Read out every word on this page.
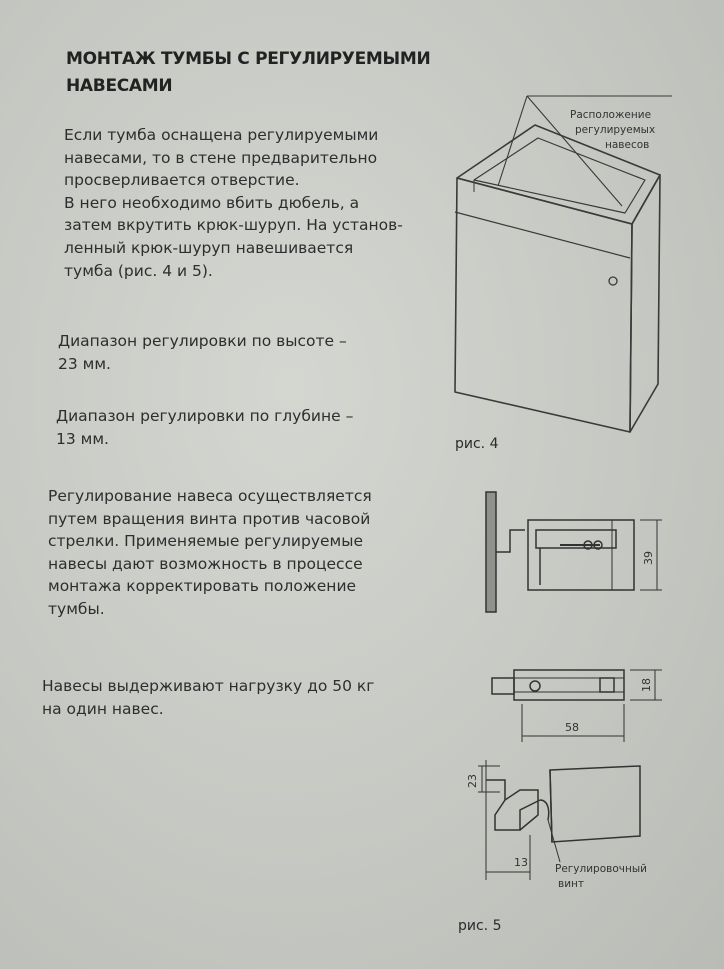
МОНТАЖ ТУМБЫ С РЕГУЛИРУЕМЫМИ
НАВЕСАМИ
Если тумба оснащена регулируемыми
навесами, то в стене предварительно
просверливается отверстие.
В него необходимо вбить дюбель, а
затем вкрутить крюк-шуруп. На установ-
ленный крюк-шуруп навешивается
тумба (рис. 4 и 5).
Диапазон регулировки по высоте –
23 мм.
Диапазон регулировки по глубине –
13 мм.
Регулирование навеса осуществляется
путем вращения винта против часовой
стрелки. Применяемые регулируемые
навесы дают возможность в процессе
монтажа корректировать положение
тумбы.
Навесы выдерживают нагрузку до 50 кг
на один навес.
Расположение
регулируемых
навесов
39
18
58
23
13	Регулировочный
винт
рис. 4
рис. 5
